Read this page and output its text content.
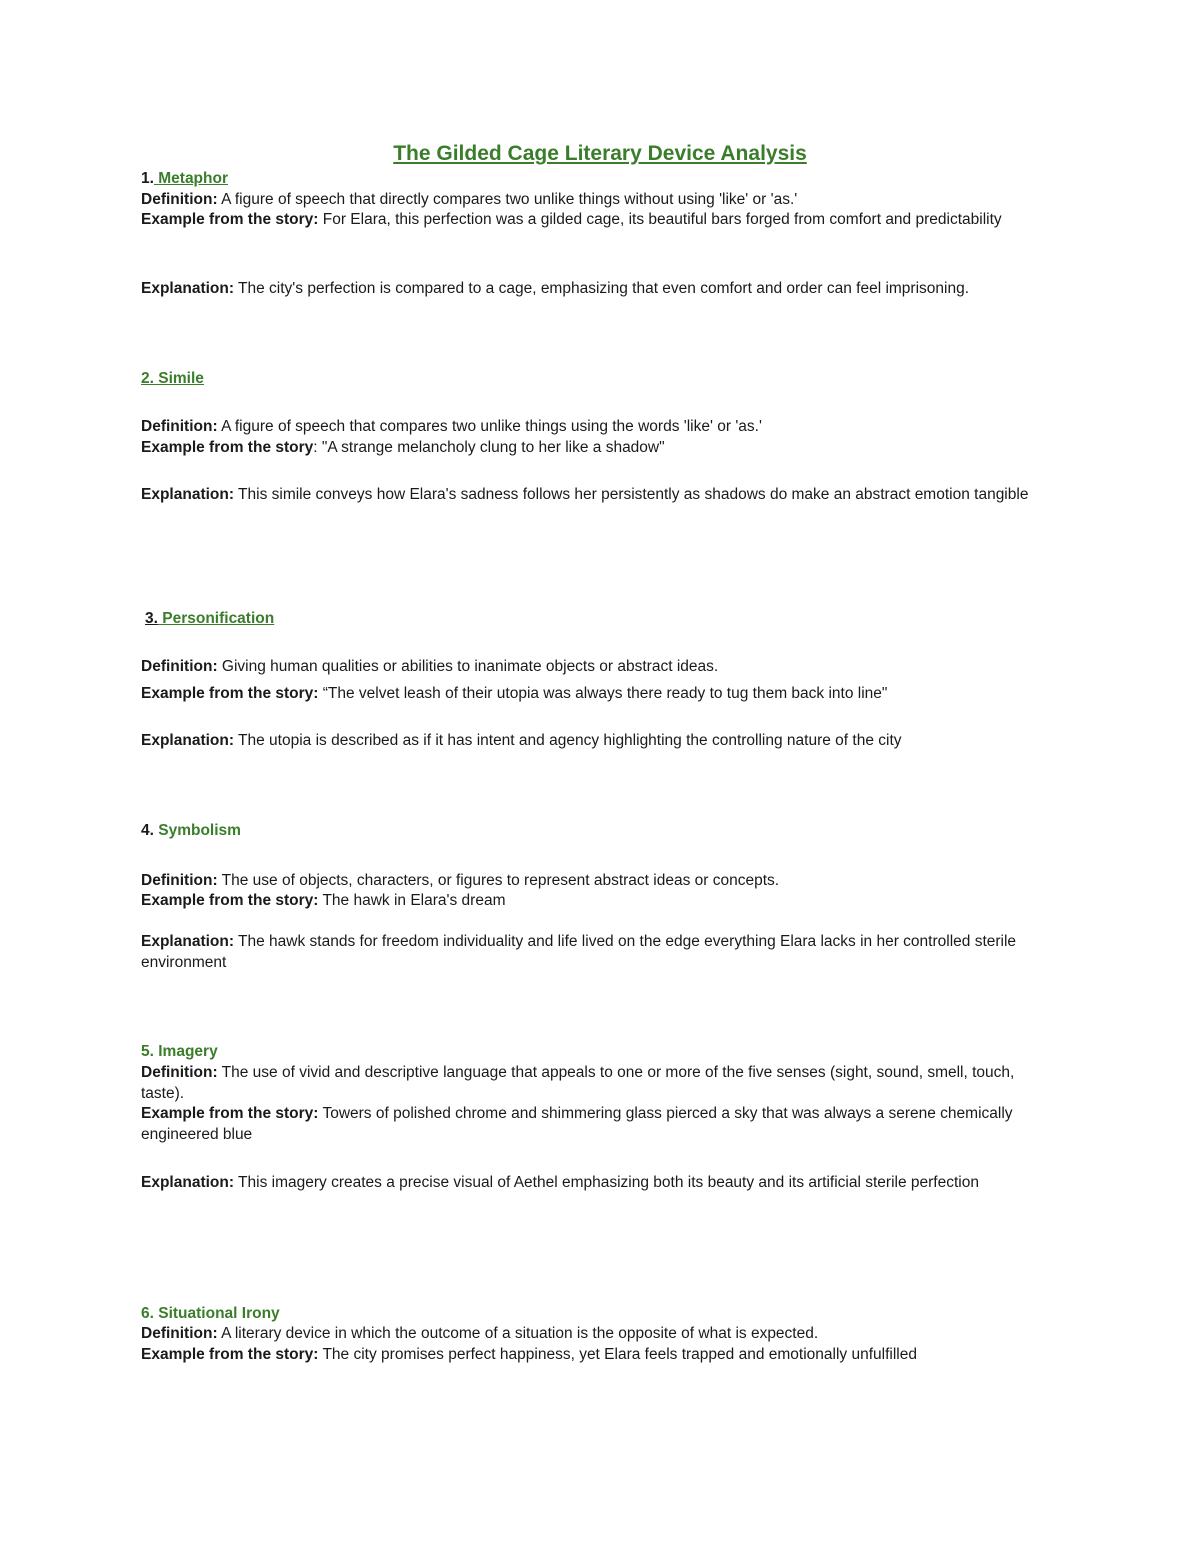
The Gilded Cage Literary Device Analysis
1. Metaphor
Definition: A figure of speech that directly compares two unlike things without using 'like' or 'as.'
Example from the story: For Elara, this perfection was a gilded cage, its beautiful bars forged from comfort and predictability
Explanation: The city's perfection is compared to a cage, emphasizing that even comfort and order can feel imprisoning.
2. Simile
Definition: A figure of speech that compares two unlike things using the words 'like' or 'as.'
Example from the story: "A strange melancholy clung to her like a shadow"
Explanation: This simile conveys how Elara's sadness follows her persistently as shadows do make an abstract emotion tangible
3. Personification
Definition: Giving human qualities or abilities to inanimate objects or abstract ideas.
Example from the story: “The velvet leash of their utopia was always there ready to tug them back into line"
Explanation: The utopia is described as if it has intent and agency highlighting the controlling nature of the city
4. Symbolism
Definition: The use of objects, characters, or figures to represent abstract ideas or concepts.
Example from the story: The hawk in Elara's dream
Explanation: The hawk stands for freedom individuality and life lived on the edge everything Elara lacks in her controlled sterile environment
5. Imagery
Definition: The use of vivid and descriptive language that appeals to one or more of the five senses (sight, sound, smell, touch, taste).
Example from the story: Towers of polished chrome and shimmering glass pierced a sky that was always a serene chemically engineered blue
Explanation: This imagery creates a precise visual of Aethel emphasizing both its beauty and its artificial sterile perfection
6. Situational Irony
Definition: A literary device in which the outcome of a situation is the opposite of what is expected.
Example from the story: The city promises perfect happiness, yet Elara feels trapped and emotionally unfulfilled
